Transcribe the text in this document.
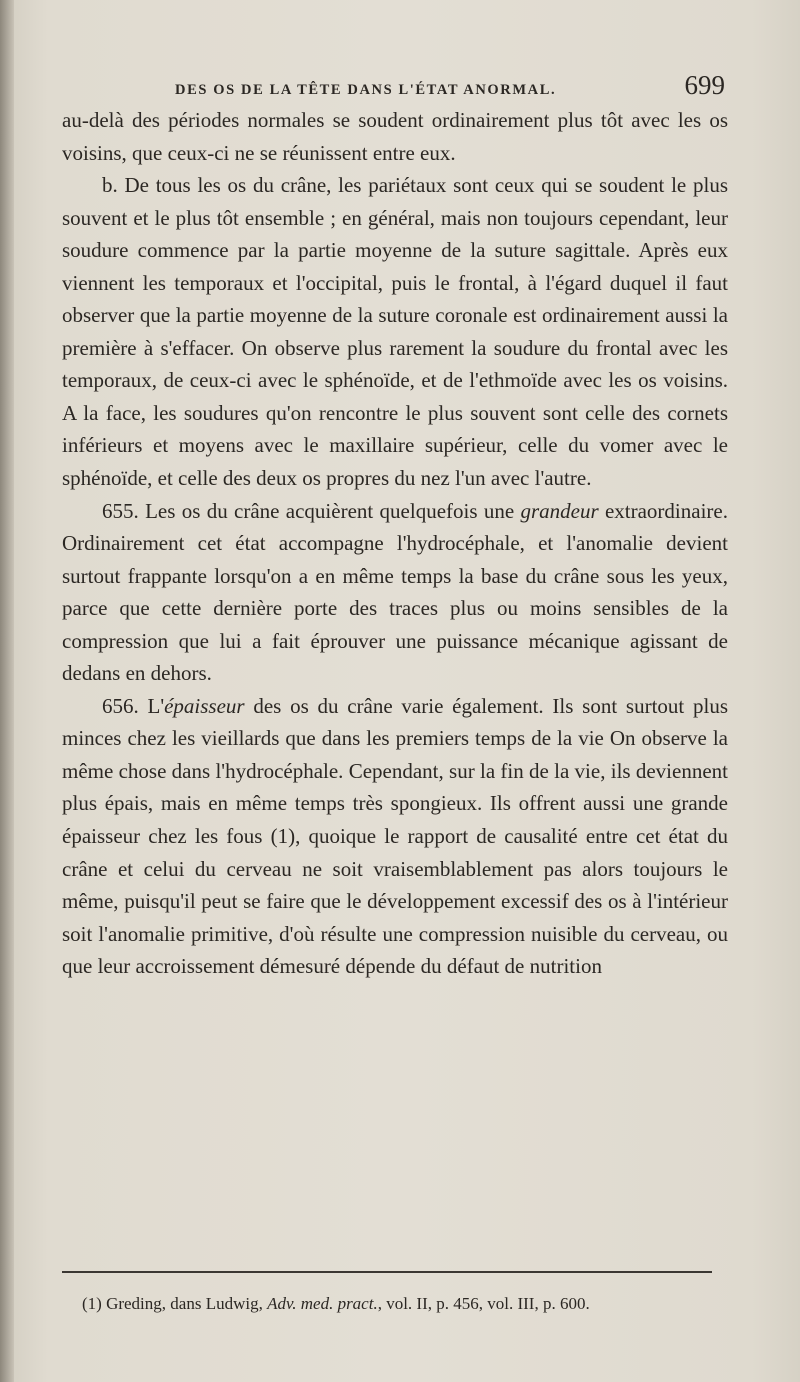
DES OS DE LA TÊTE DANS L'ÉTAT ANORMAL.	699

au-delà des périodes normales se soudent ordinairement plus tôt avec les os voisins, que ceux-ci ne se réunissent entre eux.

b. De tous les os du crâne, les pariétaux sont ceux qui se soudent le plus souvent et le plus tôt ensemble ; en général, mais non toujours cependant, leur soudure commence par la partie moyenne de la suture sagittale. Après eux viennent les temporaux et l'occipital, puis le frontal, à l'égard duquel il faut observer que la partie moyenne de la suture coronale est ordinairement aussi la première à s'effacer. On observe plus rarement la soudure du frontal avec les temporaux, de ceux-ci avec le sphénoïde, et de l'ethmoïde avec les os voisins. A la face, les soudures qu'on rencontre le plus souvent sont celle des cornets inférieurs et moyens avec le maxillaire supérieur, celle du vomer avec le sphénoïde, et celle des deux os propres du nez l'un avec l'autre.

655. Les os du crâne acquièrent quelquefois une grandeur extraordinaire. Ordinairement cet état accompagne l'hydrocéphale, et l'anomalie devient surtout frappante lorsqu'on a en même temps la base du crâne sous les yeux, parce que cette dernière porte des traces plus ou moins sensibles de la compression que lui a fait éprouver une puissance mécanique agissant de dedans en dehors.

656. L'épaisseur des os du crâne varie également. Ils sont surtout plus minces chez les vieillards que dans les premiers temps de la vie On observe la même chose dans l'hydrocéphale. Cependant, sur la fin de la vie, ils deviennent plus épais, mais en même temps très spongieux. Ils offrent aussi une grande épaisseur chez les fous (1), quoique le rapport de causalité entre cet état du crâne et celui du cerveau ne soit vraisemblablement pas alors toujours le même, puisqu'il peut se faire que le développement excessif des os à l'intérieur soit l'anomalie primitive, d'où résulte une compression nuisible du cerveau, ou que leur accroissement démesuré dépende du défaut de nutrition

(1) Greding, dans Ludwig, Adv. med. pract., vol. II, p. 456, vol. III, p. 600.
